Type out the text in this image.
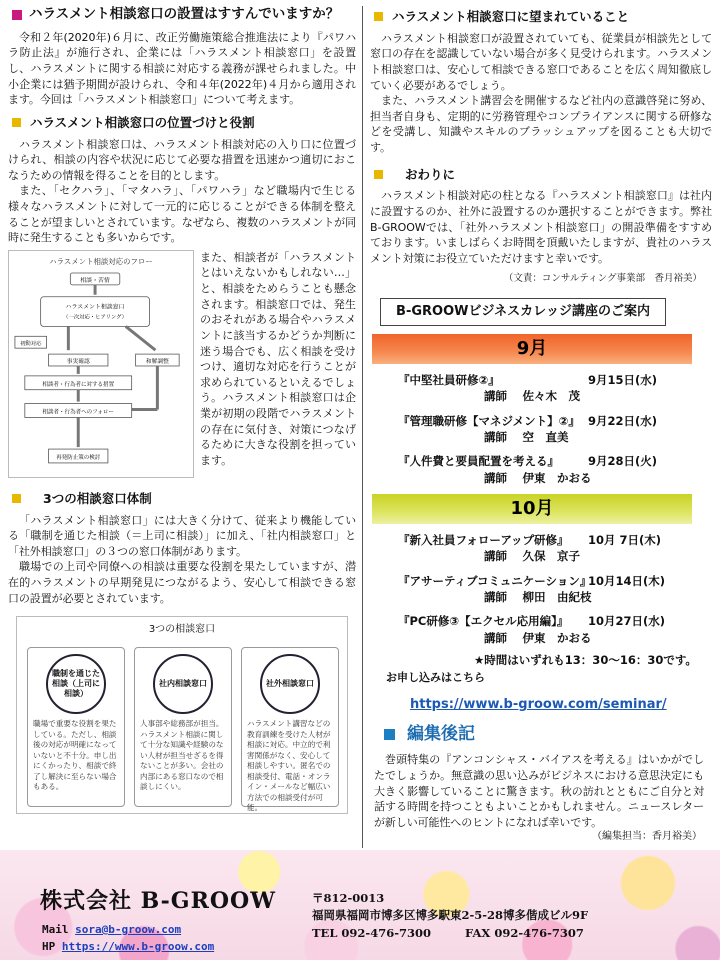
ハラスメント相談窓口の設置はすすんでいますか？

令和２年(2020年)６月に、改正労働施策総合推進法により『パワハラ防止法』が施行され、企業には「ハラスメント相談窓口」を設置し、ハラスメントに関する相談に対応する義務が課せられました。中小企業には猶予期間が設けられ、令和４年(2022年)４月から適用されます。今回は「ハラスメント相談窓口」について考えます。

ハラスメント相談窓口の位置づけと役割

ハラスメント相談窓口は、ハラスメント相談対応の入り口に位置づけられ、相談の内容や状況に応じて必要な措置を迅速かつ適切におこなうための情報を得ることを目的とします。

また、「セクハラ」、「マタハラ」、「パワハラ」など職場内で生じる様々なハラスメントに対して一元的に応じることができる体制を整えることが望ましいとされています。なぜなら、複数のハラスメントが同時に発生することも多いからです。

ハラスメント相談対応のフロー
相談・苦情
ハラスメント相談窓口
（一次対応・ヒアリング）
初動対応
事実確認	和解調整
相談者・行為者に対する措置
相談者・行為者へのフォロー
再発防止策の検討
また、相談者が「ハラスメントとはいえないかもしれない…」と、相談をためらうことも懸念されます。相談窓口では、発生のおそれがある場合やハラスメントに該当するかどうか判断に迷う場合でも、広く相談を受けつけ、適切な対応を行うことが求められているといえるでしょう。ハラスメント相談窓口は企業が初期の段階でハラスメントの存在に気付き、対策につなげるために大きな役割を担っています。
3つの相談窓口体制

「ハラスメント相談窓口」には大きく分けて、従来より機能している「職制を通じた相談（＝上司に相談）」に加え、「社内相談窓口」と「社外相談窓口」の３つの窓口体制があります。

職場での上司や同僚への相談は重要な役割を果たしていますが、潜在的ハラスメントの早期発見につながるよう、安心して相談できる窓口の設置が必要とされています。

3つの相談窓口
職制を通じた相談（上司に相談）
職場で重要な役割を果たしている。ただし、相談後の対応が明確になっていないと不十分。申し出にくかったり、相談で終了し解決に至らない場合もある。
社内相談窓口
人事部や総務部が担当。ハラスメント相談に関して十分な知識や経験のない人材が担当せざるを得ないことが多い。会社の内部にある窓口なので相談しにくい。
社外相談窓口
ハラスメント講習などの教育訓練を受けた人材が相談に対応。中立的で利害関係がなく、安心して相談しやすい。匿名での相談受付、電話・オンライン・メールなど幅広い方法での相談受付が可能。
ハラスメント相談窓口に望まれていること

ハラスメント相談窓口が設置されていても、従業員が相談先として窓口の存在を認識していない場合が多く見受けられます。ハラスメント相談窓口は、安心して相談できる窓口であることを広く周知徹底していく必要があるでしょう。

また、ハラスメント講習会を開催するなど社内の意識啓発に努め、担当者自身も、定期的に労務管理やコンプライアンスに関する研修などを受講し、知識やスキルのブラッシュアップを図ることも大切です。

おわりに

ハラスメント相談対応の柱となる『ハラスメント相談窓口』は社内に設置するのか、社外に設置するのか選択することができます。弊社B-GROOWでは、「社外ハラスメント相談窓口」の開設準備をすすめております。いましばらくお時間を頂戴いたしますが、貴社のハラスメント対策にお役立ていただけますと幸いです。

（文責：コンサルティング事業部　香月裕美）
B-GROOWビジネスカレッジ講座のご案内
9月
『中堅社員研修②』	9月15日(水)
講師　 佐々木　茂
『管理職研修【マネジメント】②』 9月22日(水)
講師　 空　直美
『人件費と要員配置を考える』	9月28日(火)
講師　 伊東　かおる
10月
『新入社員フォローアップ研修』	10月 7日(木)
講師　 久保　京子
『アサーティブコミュニケーション』
10月14日(木)
講師　 柳田　由紀枝
『PC研修③【エクセル応用編】』	10月27日(水)
講師　 伊東　かおる
★時間はいずれも13：30～16：30です。
お申し込みはこちら
https://www.b-groow.com/seminar/
編集後記

巻頭特集の『アンコンシャス・バイアスを考える』はいかがでしたでしょうか。無意識の思い込みがビジネスにおける意思決定にも大きく影響していることに驚きます。秋の訪れとともにご自分と対話する時間を持つこともよいことかもしれません。ニュースレターが新しい可能性へのヒントになれば幸いです。

（編集担当：香月裕美）
株式会社 B-GROOW
Mail sora@b-groow.com
HP https://www.b-groow.com
〒812-0013
福岡県福岡市博多区博多駅東2-5-28博多偕成ビル9F
TEL 092-476-7300	FAX 092-476-7307
